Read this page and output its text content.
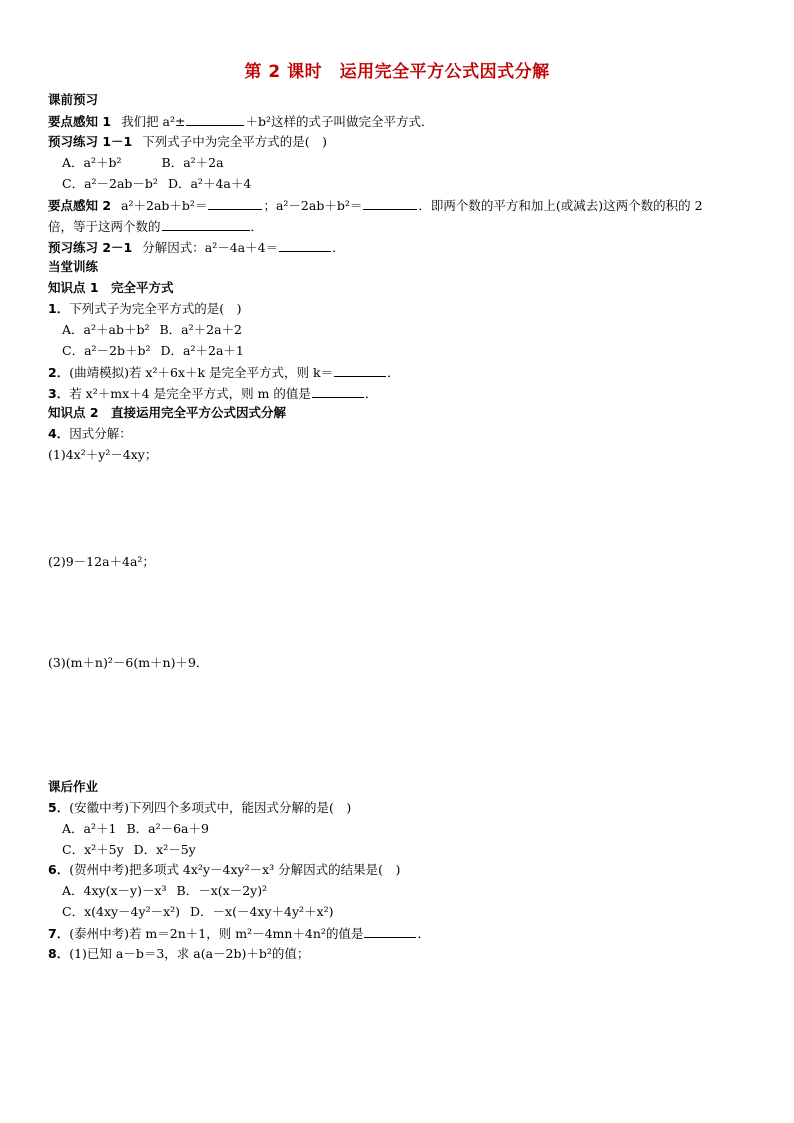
第 2 课时　运用完全平方公式因式分解
课前预习
要点感知 1 我们把 a²±	＋b²这样的式子叫做完全平方式．
预习练习 1－1 下列式子中为完全平方式的是(　)
A．a²＋b²	B．a²＋2a
C．a²－2ab－b² D．a²＋4a＋4
要点感知 2 a²＋2ab＋b²＝	；a²－2ab＋b²＝	．即两个数的平方和加上(或减去)这两个数的积的 2
倍，等于这两个数的	．
预习练习 2－1 分解因式：a²－4a＋4＝	．
当堂训练
知识点 1　完全平方式
1．下列式子为完全平方式的是(　)
A．a²＋ab＋b² B．a²＋2a＋2
C．a²－2b＋b² D．a²＋2a＋1
2．(曲靖模拟)若 x²＋6x＋k 是完全平方式，则 k＝	．
3．若 x²＋mx＋4 是完全平方式，则 m 的值是	．
知识点 2　直接运用完全平方公式因式分解
4．因式分解：
(1)4x²＋y²－4xy；
(2)9－12a＋4a²；
(3)(m＋n)²－6(m＋n)＋9．
课后作业
5．(安徽中考)下列四个多项式中，能因式分解的是(　)
A．a²＋1 B．a²－6a＋9
C．x²＋5y D．x²－5y
6．(贺州中考)把多项式 4x²y－4xy²－x³ 分解因式的结果是(　)
A．4xy(x－y)－x³ B．－x(x－2y)²
C．x(4xy－4y²－x²) D．－x(－4xy＋4y²＋x²)
7．(泰州中考)若 m＝2n＋1，则 m²－4mn＋4n²的值是	．
8．(1)已知 a－b＝3，求 a(a－2b)＋b²的值；
